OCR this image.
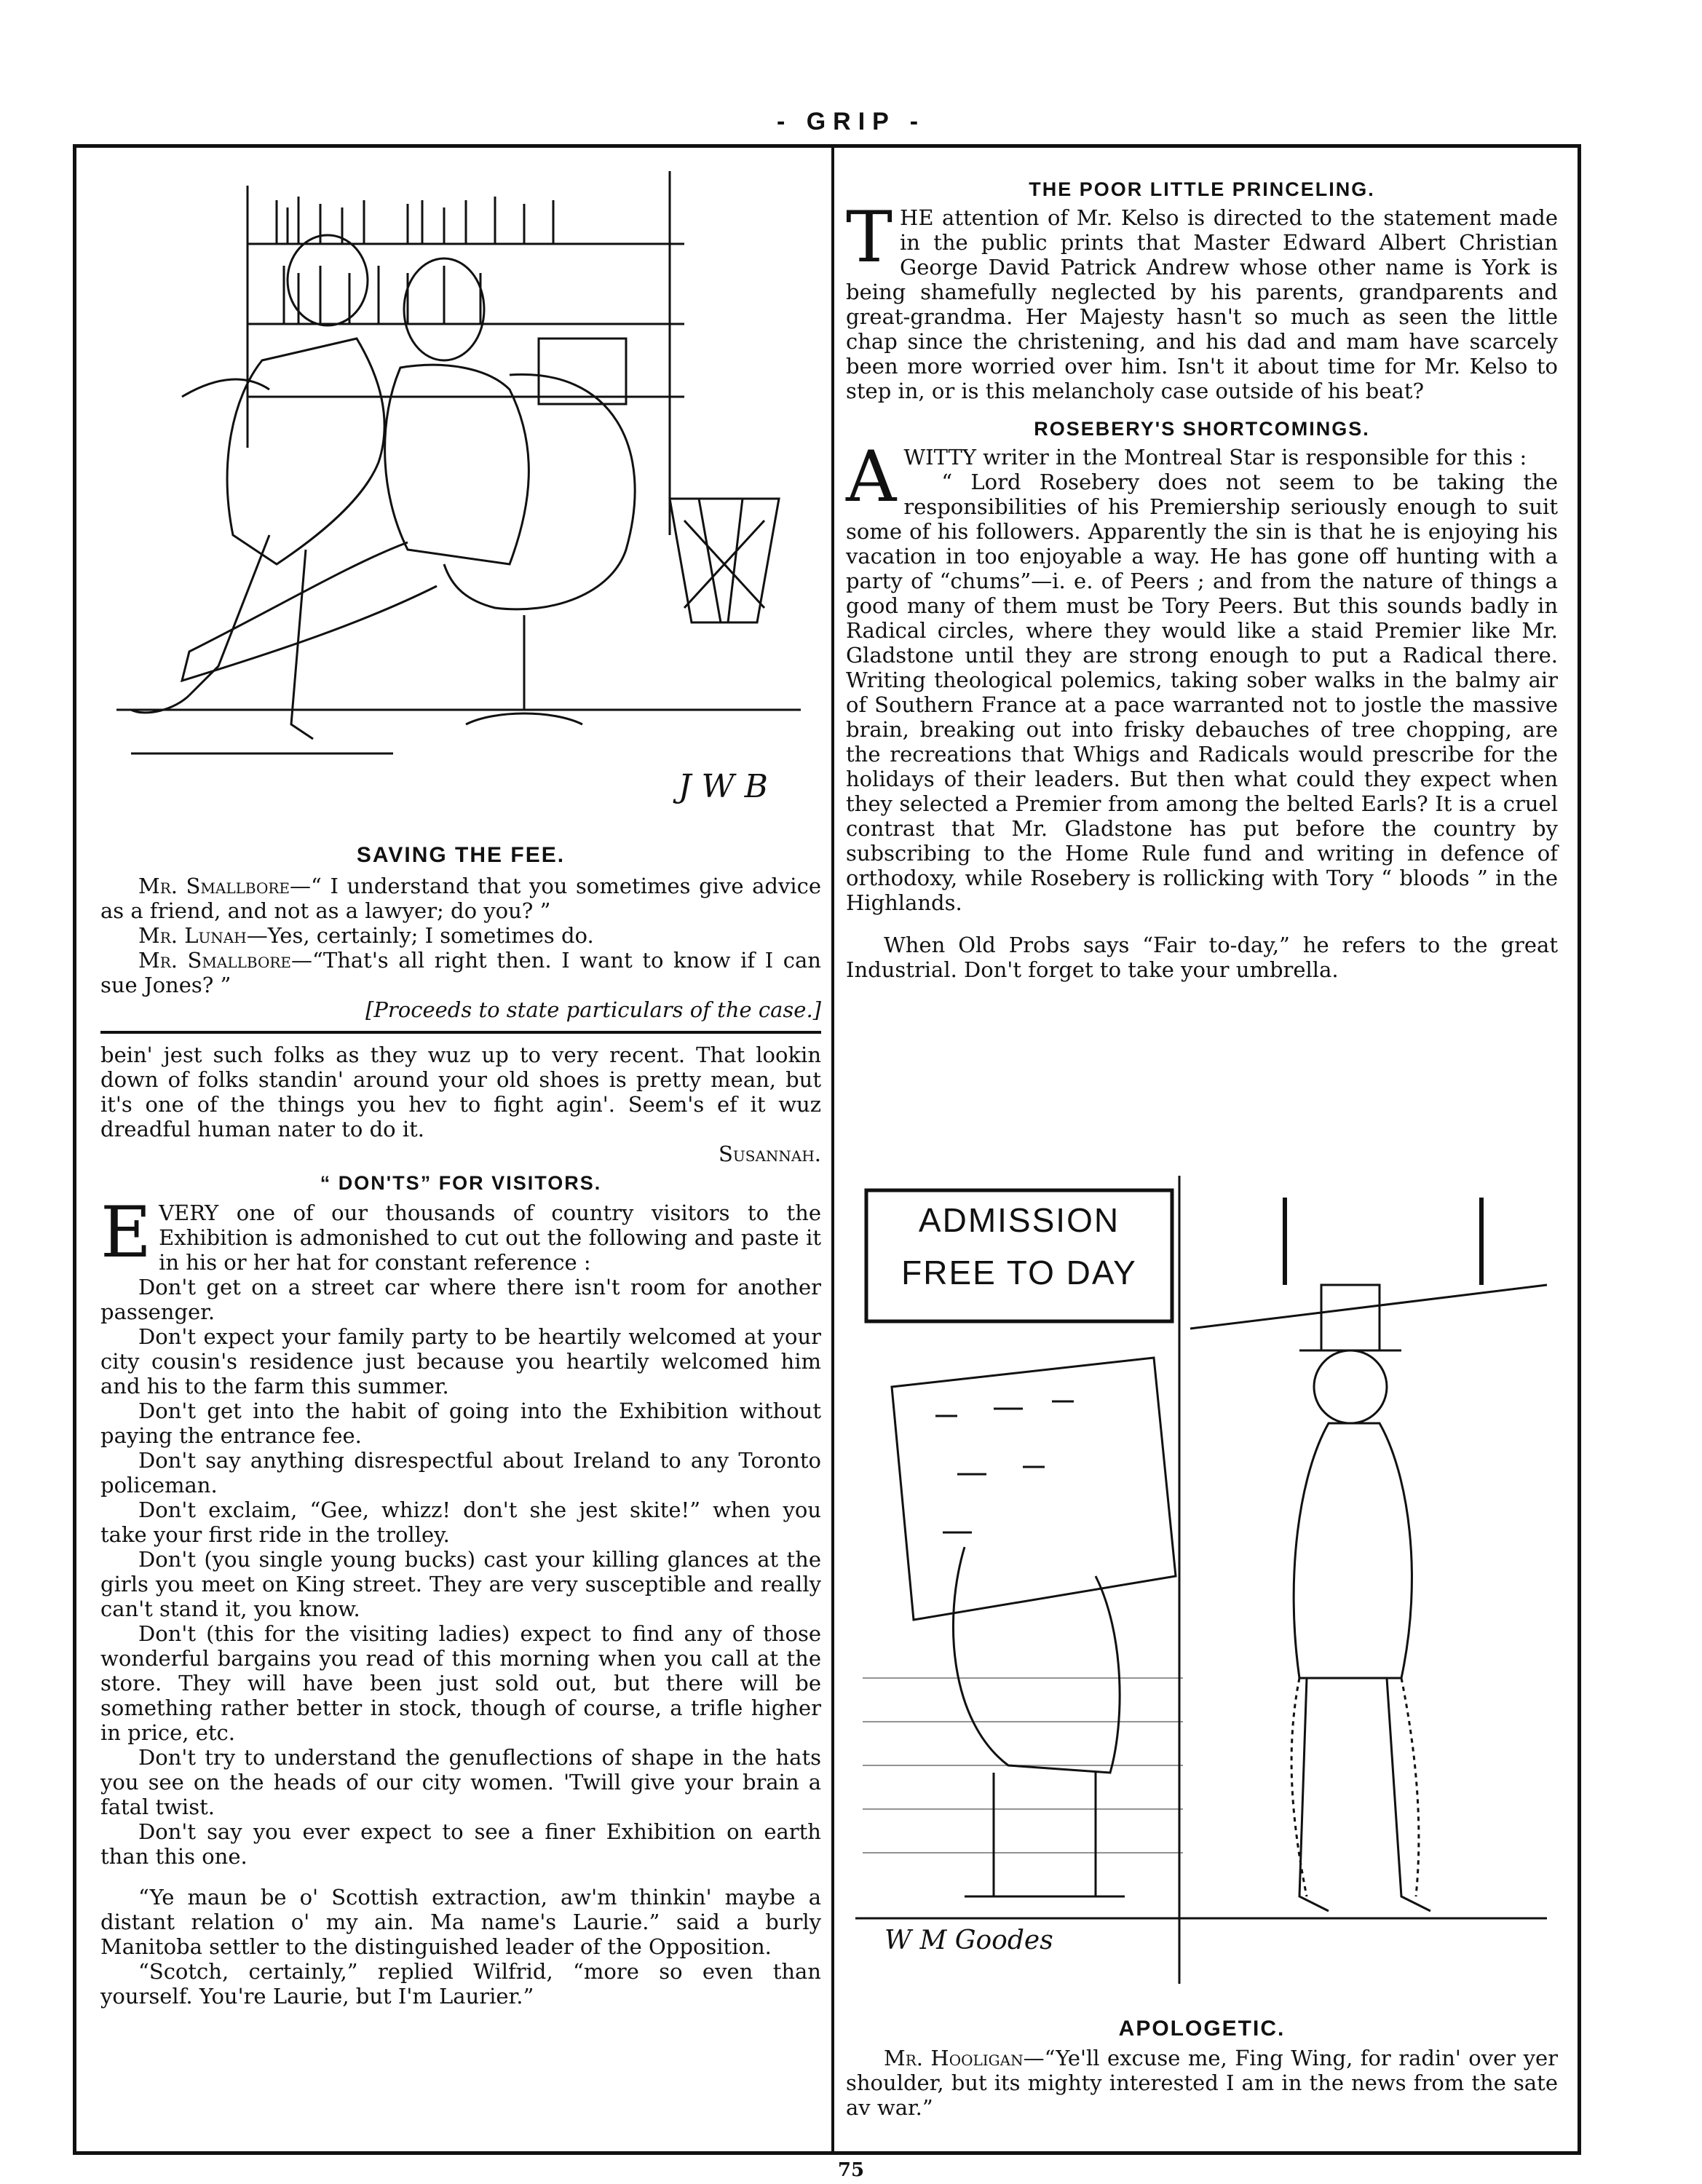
- GRIP -
J W B

SAVING THE FEE.

Mr. Smallbore—“ I understand that you sometimes give advice as a friend, and not as a lawyer; do you? ”

Mr. Lunah—Yes, certainly; I sometimes do.

Mr. Smallbore—“That's all right then. I want to know if I can sue Jones? ”

[Proceeds to state particulars of the case.]

bein' jest such folks as they wuz up to very recent. That lookin down of folks standin' around your old shoes is pretty mean, but it's one of the things you hev to fight agin'. Seem's ef it wuz dreadful human nater to do it.

Susannah.

“ DON'TS” FOR VISITORS.

EVERY one of our thousands of country visitors to the Exhibition is admonished to cut out the following and paste it in his or her hat for constant reference :

Don't get on a street car where there isn't room for another passenger.

Don't expect your family party to be heartily welcomed at your city cousin's residence just because you heartily welcomed him and his to the farm this summer.

Don't get into the habit of going into the Exhibition without paying the entrance fee.

Don't say anything disrespectful about Ireland to any Toronto policeman.

Don't exclaim, “Gee, whizz! don't she jest skite!” when you take your first ride in the trolley.

Don't (you single young bucks) cast your killing glances at the girls you meet on King street. They are very susceptible and really can't stand it, you know.

Don't (this for the visiting ladies) expect to find any of those wonderful bargains you read of this morning when you call at the store. They will have been just sold out, but there will be something rather better in stock, though of course, a trifle higher in price, etc.

Don't try to understand the genuflections of shape in the hats you see on the heads of our city women. 'Twill give your brain a fatal twist.

Don't say you ever expect to see a finer Exhibition on earth than this one.

“Ye maun be o' Scottish extraction, aw'm thinkin' maybe a distant relation o' my ain. Ma name's Laurie.” said a burly Manitoba settler to the distinguished leader of the Opposition.

“Scotch, certainly,” replied Wilfrid, “more so even than yourself. You're Laurie, but I'm Laurier.”

THE POOR LITTLE PRINCELING.

THE attention of Mr. Kelso is directed to the statement made in the public prints that Master Edward Albert Christian George David Patrick Andrew whose other name is York is being shamefully neglected by his parents, grandparents and great-grandma. Her Majesty hasn't so much as seen the little chap since the christening, and his dad and mam have scarcely been more worried over him. Isn't it about time for Mr. Kelso to step in, or is this melancholy case outside of his beat?

ROSEBERY'S SHORTCOMINGS.

AWITTY writer in the Montreal Star is responsible for this :

“ Lord Rosebery does not seem to be taking the responsibilities of his Premiership seriously enough to suit some of his followers. Apparently the sin is that he is enjoying his vacation in too enjoyable a way. He has gone off hunting with a party of “chums”—i. e. of Peers ; and from the nature of things a good many of them must be Tory Peers. But this sounds badly in Radical circles, where they would like a staid Premier like Mr. Gladstone until they are strong enough to put a Radical there. Writing theological polemics, taking sober walks in the balmy air of Southern France at a pace warranted not to jostle the massive brain, breaking out into frisky debauches of tree chopping, are the recreations that Whigs and Radicals would prescribe for the holidays of their leaders. But then what could they expect when they selected a Premier from among the belted Earls? It is a cruel contrast that Mr. Gladstone has put before the country by subscribing to the Home Rule fund and writing in defence of orthodoxy, while Rosebery is rollicking with Tory “ bloods ” in the Highlands.

When Old Probs says “Fair to-day,” he refers to the great Industrial. Don't forget to take your umbrella.

ADMISSION
FREE TO DAY
W M Goodes

APOLOGETIC.

Mr. Hooligan—“Ye'll excuse me, Fing Wing, for radin' over yer shoulder, but its mighty interested I am in the news from the sate av war.”

75
